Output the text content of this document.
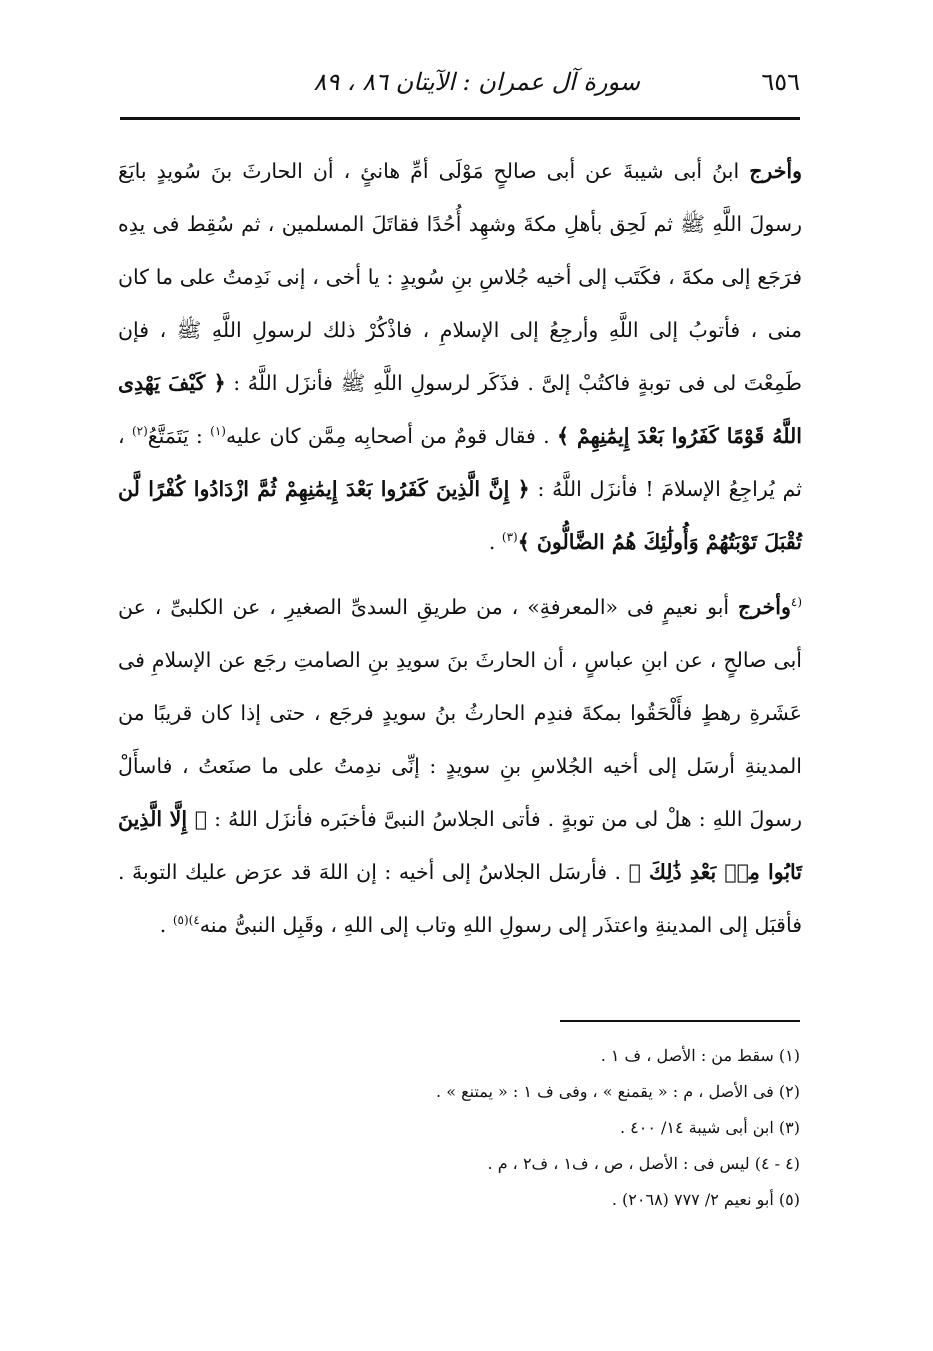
٦٥٦
سورة آل عمران : الآيتان ٨٦ ، ٨٩

وأخرج ابنُ أبى شيبةَ عن أبى صالحٍ مَوْلَى أمِّ هانئٍ ، أن الحارثَ بنَ سُويدٍ بايَعَ رسولَ اللَّهِ ﷺ ثم لَحِق بأهلِ مكةَ وشهِد أُحُدًا فقاتَلَ المسلمين ، ثم سُقِط فى يدِه فرَجَع إلى مكةَ ، فكَتَب إلى أخيه جُلاسِ بنِ سُويدٍ : يا أخى ، إنى نَدِمتُ على ما كان منى ، فأتوبُ إلى اللَّهِ وأرجِعُ إلى الإسلامِ ، فاذْكُرْ ذلك لرسولِ اللَّهِ ﷺ ، فإن طَمِعْتَ لى فى توبةٍ فاكتُبْ إلىَّ . فذَكَر لرسولِ اللَّهِ ﷺ فأنزَل اللَّهُ : ﴿ كَيْفَ يَهْدِى اللَّهُ قَوْمًا كَفَرُوا بَعْدَ إِيمَٰنِهِمْ ﴾ . فقال قومٌ من أصحابِه مِمَّن كان عليه$^{(١)}$ : يَتَمَتَّعُ$^{(٢)}$ ، ثم يُراجِعُ الإسلامَ ! فأنزَل اللَّهُ : ﴿ إِنَّ الَّذِينَ كَفَرُوا بَعْدَ إِيمَٰنِهِمْ ثُمَّ ازْدَادُوا كُفْرًا لَّن تُقْبَلَ تَوْبَتُهُمْ وَأُولَٰئِكَ هُمُ الضَّالُّونَ ﴾$^{(٣)}$ .

$^{(٤}$وأخرج أبو نعيمٍ فى «المعرفةِ» ، من طريقِ السدىِّ الصغيرِ ، عن الكلبىِّ ، عن أبى صالحٍ ، عن ابنِ عباسٍ ، أن الحارثَ بنَ سويدِ بنِ الصامتِ رجَع عن الإسلامِ فى عَشَرةِ رهطٍ فأَلْحَقُوا بمكةَ فندِم الحارثُ بنُ سويدٍ فرجَع ، حتى إذا كان قريبًا من المدينةِ أرسَل إلى أخيه الجُلاسِ بنِ سويدٍ : إنِّى ندِمتُ على ما صنَعتُ ، فاسأَلْ رسولَ اللهِ : هلْ لى من توبةٍ . فأتى الجلاسُ النبىَّ فأخبَره فأنزَل اللهُ : ﴿ إِلَّا الَّذِينَ تَابُوا مِنۢ بَعْدِ ذَٰلِكَ ﴾ . فأرسَل الجلاسُ إلى أخيه : إن اللهَ قد عرَض عليك التوبةَ . فأقبَل إلى المدينةِ واعتذَر إلى رسولِ اللهِ وتاب إلى اللهِ ، وقَبِل النبىُّ منه$^{٤)(٥)}$ .

(١) سقط من : الأصل ، ف ١ .

(٢) فى الأصل ، م : « يقمنع » ، وفى ف ١ : « يمتنع » .

(٣) ابن أبى شيبة ١٤/ ٤٠٠ .

(٤ - ٤) ليس فى : الأصل ، ص ، ف١ ، ف٢ ، م .

(٥) أبو نعيم ٢/ ٧٧٧ (٢٠٦٨) .
